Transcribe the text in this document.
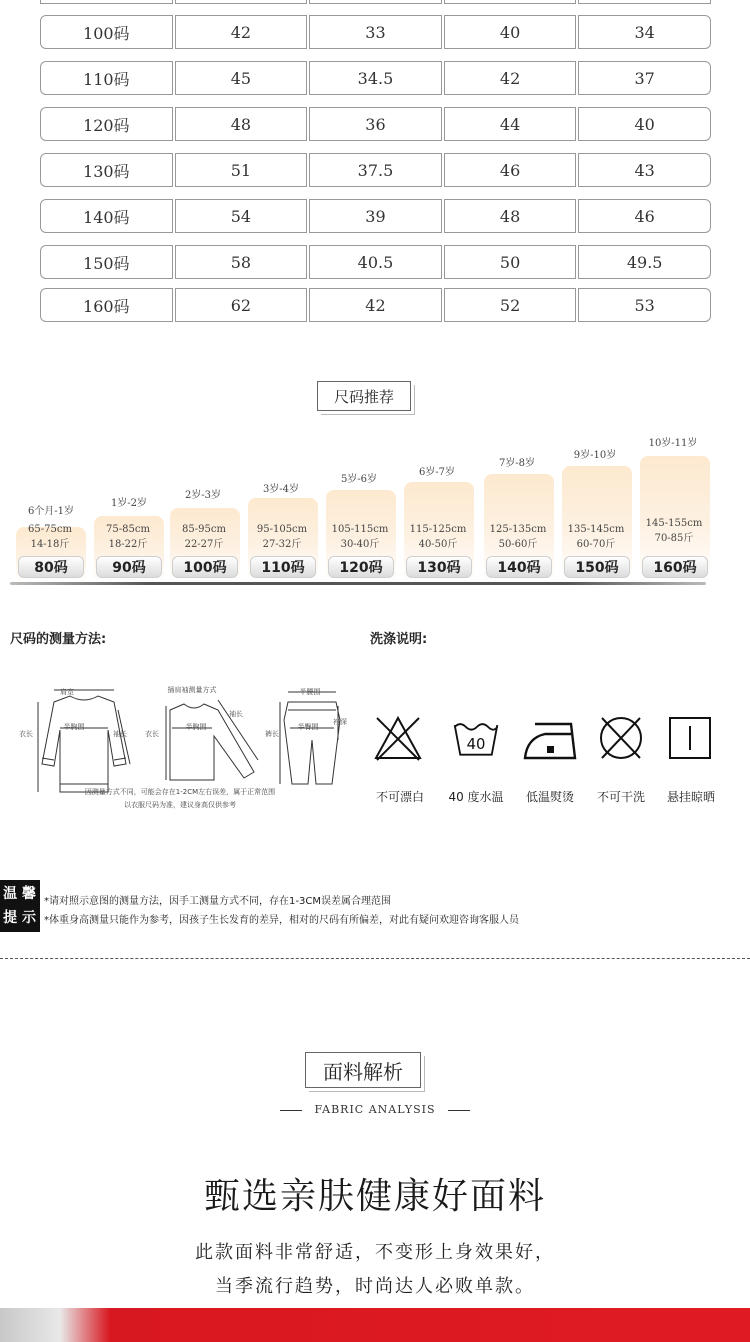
100码	42	33	40	34
110码	45	34.5	42	37
120码	48	36	44	40
130码	51	37.5	46	43
140码	54	39	48	46
150码	58	40.5	50	49.5
160码	62	42	52	53
尺码推荐
6个月-1岁
1岁-2岁
2岁-3岁
3岁-4岁
5岁-6岁
6岁-7岁
7岁-8岁
9岁-10岁
10岁-11岁
65-75cm
14-18斤
75-85cm
18-22斤
85-95cm
22-27斤
95-105cm
27-32斤
105-115cm
30-40斤
115-125cm
40-50斤
125-135cm
50-60斤
135-145cm
60-70斤
145-155cm
70-85斤
80码	90码	100码	110码	120码	130码	140码	150码	160码
尺码的测量方法:
肩宽
半胸围
衣长	袖长
插肩袖测量方式
衣长
半胸围
袖长
半腰围
裆深
裤长
半臀围
因测量方式不同，可能会存在1-2CM左右误差，属于正常范围
以衣服尺码为准，建议身高仅供参考
洗涤说明:
40
不可漂白	40 度水温	低温熨烫	不可干洗	悬挂晾晒
温 馨
提 示
*请对照示意图的测量方法，因手工测量方式不同，存在1-3CM误差属合理范围
*体重身高测量只能作为参考，因孩子生长发育的差异，相对的尺码有所偏差，对此有疑问欢迎咨询客服人员
面料解析
FABRIC ANALYSIS
甄选亲肤健康好面料
此款面料非常舒适，不变形上身效果好，
当季流行趋势，时尚达人必败单款。
